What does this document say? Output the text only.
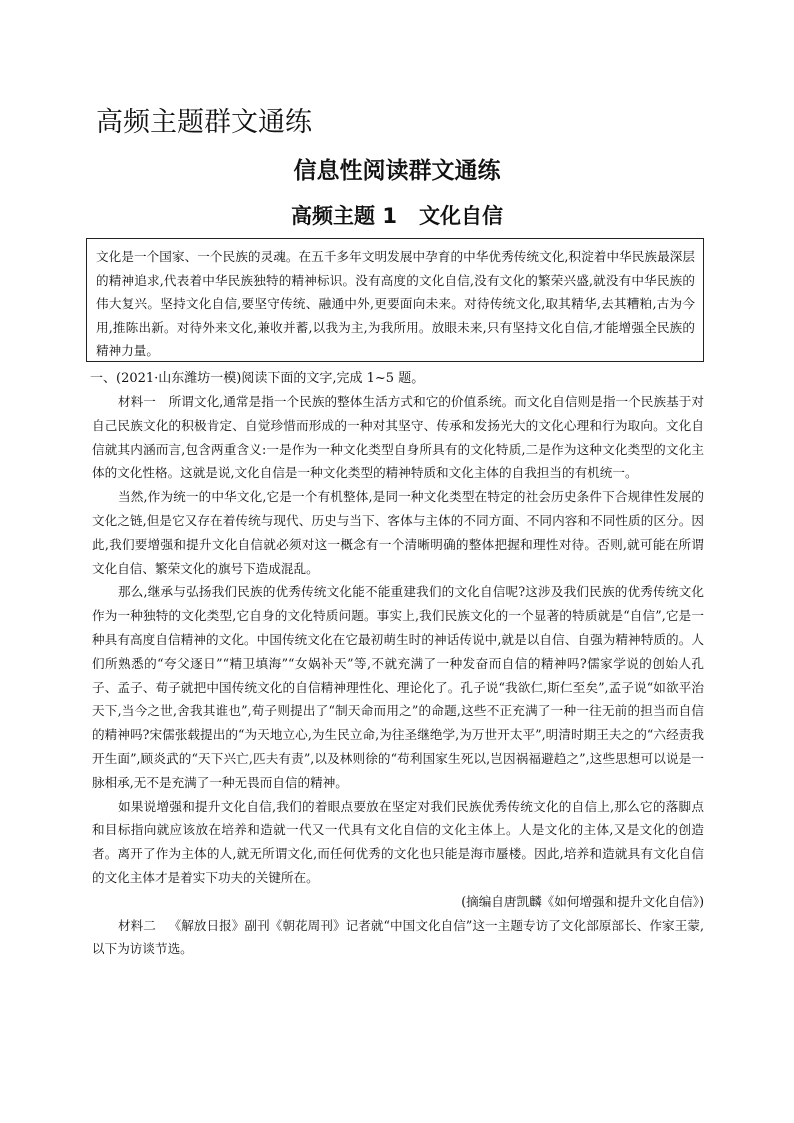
高频主题群文通练
信息性阅读群文通练
高频主题 1 文化自信
文化是一个国家、一个民族的灵魂。在五千多年文明发展中孕育的中华优秀传统文化,积淀着中华民族最深层的精神追求,代表着中华民族独特的精神标识。没有高度的文化自信,没有文化的繁荣兴盛,就没有中华民族的伟大复兴。坚持文化自信,要坚守传统、融通中外,更要面向未来。对待传统文化,取其精华,去其糟粕,古为今用,推陈出新。对待外来文化,兼收并蓄,以我为主,为我所用。放眼未来,只有坚持文化自信,才能增强全民族的精神力量。
一、(2021·山东潍坊一模)阅读下面的文字,完成 1~5 题。

材料一  所谓文化,通常是指一个民族的整体生活方式和它的价值系统。而文化自信则是指一个民族基于对自己民族文化的积极肯定、自觉珍惜而形成的一种对其坚守、传承和发扬光大的文化心理和行为取向。文化自信就其内涵而言,包含两重含义:一是作为一种文化类型自身所具有的文化特质,二是作为这种文化类型的文化主体的文化性格。这就是说,文化自信是一种文化类型的精神特质和文化主体的自我担当的有机统一。

当然,作为统一的中华文化,它是一个有机整体,是同一种文化类型在特定的社会历史条件下合规律性发展的文化之链,但是它又存在着传统与现代、历史与当下、客体与主体的不同方面、不同内容和不同性质的区分。因此,我们要增强和提升文化自信就必须对这一概念有一个清晰明确的整体把握和理性对待。否则,就可能在所谓文化自信、繁荣文化的旗号下造成混乱。

那么,继承与弘扬我们民族的优秀传统文化能不能重建我们的文化自信呢?这涉及我们民族的优秀传统文化作为一种独特的文化类型,它自身的文化特质问题。事实上,我们民族文化的一个显著的特质就是“自信”,它是一种具有高度自信精神的文化。中国传统文化在它最初萌生时的神话传说中,就是以自信、自强为精神特质的。人们所熟悉的“夸父逐日”“精卫填海”“女娲补天”等,不就充满了一种发奋而自信的精神吗?儒家学说的创始人孔子、孟子、荀子就把中国传统文化的自信精神理性化、理论化了。孔子说“我欲仁,斯仁至矣”,孟子说“如欲平治天下,当今之世,舍我其谁也”,荀子则提出了“制天命而用之”的命题,这些不正充满了一种一往无前的担当而自信的精神吗?宋儒张载提出的“为天地立心,为生民立命,为往圣继绝学,为万世开太平”,明清时期王夫之的“六经责我开生面”,顾炎武的“天下兴亡,匹夫有责”,以及林则徐的“苟利国家生死以,岂因祸福避趋之”,这些思想可以说是一脉相承,无不是充满了一种无畏而自信的精神。

如果说增强和提升文化自信,我们的着眼点要放在坚定对我们民族优秀传统文化的自信上,那么它的落脚点和目标指向就应该放在培养和造就一代又一代具有文化自信的文化主体上。人是文化的主体,又是文化的创造者。离开了作为主体的人,就无所谓文化,而任何优秀的文化也只能是海市蜃楼。因此,培养和造就具有文化自信的文化主体才是着实下功夫的关键所在。

(摘编自唐凯麟《如何增强和提升文化自信》)

材料二  《解放日报》副刊《朝花周刊》记者就“中国文化自信”这一主题专访了文化部原部长、作家王蒙,以下为访谈节选。
